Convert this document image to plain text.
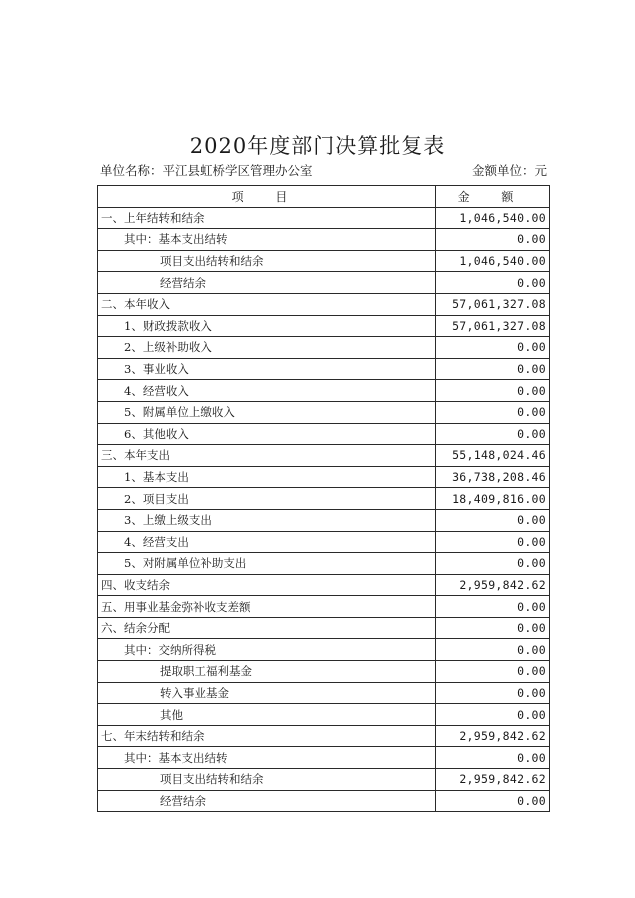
2020年度部门决算批复表
单位名称：平江县虹桥学区管理办公室	金额单位：元
项 目	金 额
一、上年结转和结余	1,046,540.00
其中：基本支出结转	0.00
项目支出结转和结余	1,046,540.00
经营结余	0.00
二、本年收入	57,061,327.08
1、财政拨款收入	57,061,327.08
2、上级补助收入	0.00
3、事业收入	0.00
4、经营收入	0.00
5、附属单位上缴收入	0.00
6、其他收入	0.00
三、本年支出	55,148,024.46
1、基本支出	36,738,208.46
2、项目支出	18,409,816.00
3、上缴上级支出	0.00
4、经营支出	0.00
5、对附属单位补助支出	0.00
四、收支结余	2,959,842.62
五、用事业基金弥补收支差额	0.00
六、结余分配	0.00
其中：交纳所得税	0.00
提取职工福利基金	0.00
转入事业基金	0.00
其他	0.00
七、年末结转和结余	2,959,842.62
其中：基本支出结转	0.00
项目支出结转和结余	2,959,842.62
经营结余	0.00
